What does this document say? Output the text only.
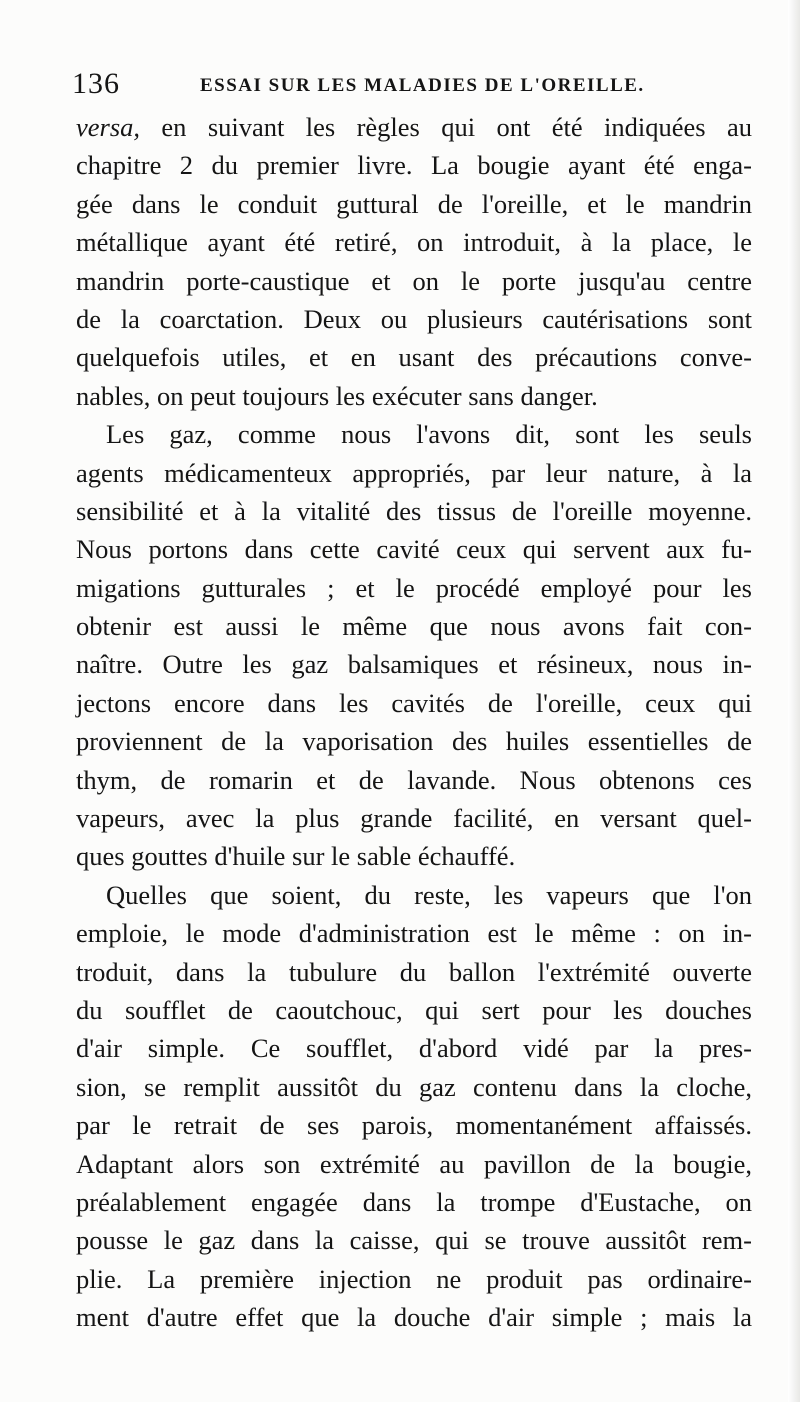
136	ESSAI SUR LES MALADIES DE L'OREILLE.
versa, en suivant les règles qui ont été indiquées au
chapitre 2 du premier livre. La bougie ayant été enga-
gée dans le conduit guttural de l'oreille, et le mandrin
métallique ayant été retiré, on introduit, à la place, le
mandrin porte-caustique et on le porte jusqu'au centre
de la coarctation. Deux ou plusieurs cautérisations sont
quelquefois utiles, et en usant des précautions conve-
nables, on peut toujours les exécuter sans danger.
Les gaz, comme nous l'avons dit, sont les seuls
agents médicamenteux appropriés, par leur nature, à la
sensibilité et à la vitalité des tissus de l'oreille moyenne.
Nous portons dans cette cavité ceux qui servent aux fu-
migations gutturales ; et le procédé employé pour les
obtenir est aussi le même que nous avons fait con-
naître. Outre les gaz balsamiques et résineux, nous in-
jectons encore dans les cavités de l'oreille, ceux qui
proviennent de la vaporisation des huiles essentielles de
thym, de romarin et de lavande. Nous obtenons ces
vapeurs, avec la plus grande facilité, en versant quel-
ques gouttes d'huile sur le sable échauffé.
Quelles que soient, du reste, les vapeurs que l'on
emploie, le mode d'administration est le même : on in-
troduit, dans la tubulure du ballon l'extrémité ouverte
du soufflet de caoutchouc, qui sert pour les douches
d'air simple. Ce soufflet, d'abord vidé par la pres-
sion, se remplit aussitôt du gaz contenu dans la cloche,
par le retrait de ses parois, momentanément affaissés.
Adaptant alors son extrémité au pavillon de la bougie,
préalablement engagée dans la trompe d'Eustache, on
pousse le gaz dans la caisse, qui se trouve aussitôt rem-
plie. La première injection ne produit pas ordinaire-
ment d'autre effet que la douche d'air simple ; mais la
